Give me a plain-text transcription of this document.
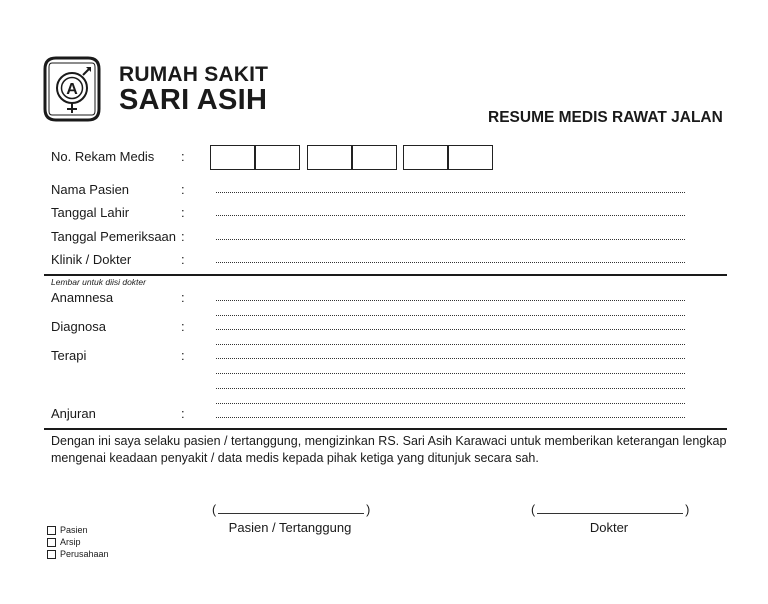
A
RUMAH SAKIT
SARI ASIH
RESUME MEDIS RAWAT JALAN
No. Rekam Medis :
Nama Pasien	:
Tanggal Lahir	:
Tanggal Pemeriksaan :
Klinik / Dokter	:
Lembar untuk diisi dokter
Anamnesa	:
Diagnosa	:
Terapi	:
Anjuran	:
Dengan ini saya selaku pasien / tertanggung, mengizinkan RS. Sari Asih Karawaci untuk memberikan keterangan lengkap mengenai keadaan penyakit / data medis kepada pihak ketiga yang ditunjuk secara sah.
(	)
Pasien / Tertanggung
(	)
Dokter
Pasien
Arsip
Perusahaan
